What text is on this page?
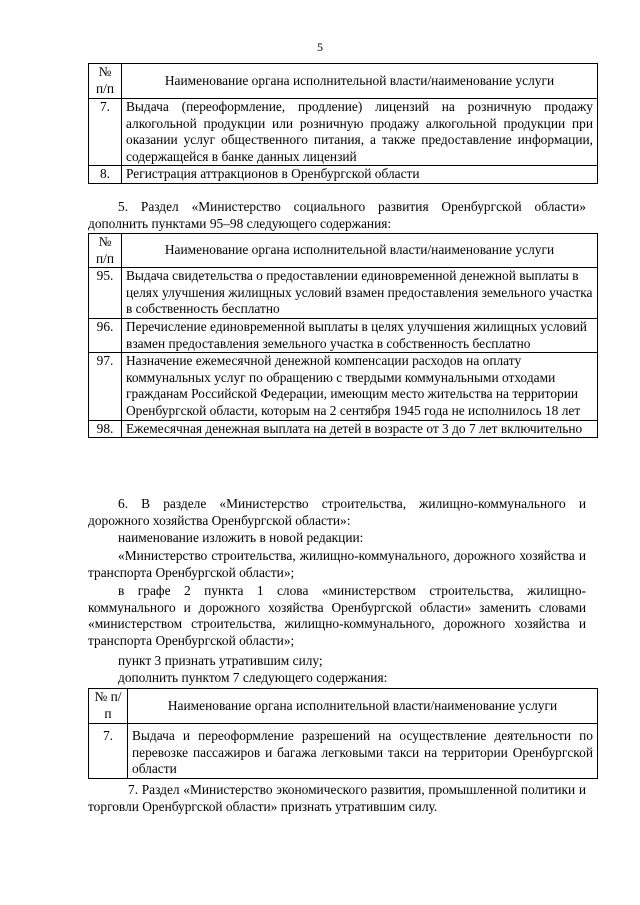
5
№ п/п	Наименование органа исполнительной власти/наименование услуги
7.	Выдача (переоформление, продление) лицензий на розничную продажу алкогольной продукции или розничную продажу алкогольной продукции при оказании услуг общественного питания, а также предоставление информации, содержащейся в банке данных лицензий
8.	Регистрация аттракционов в Оренбургской области

5. Раздел «Министерство социального развития Оренбургской области» дополнить пунктами 95–98 следующего содержания:

№ п/п	Наименование органа исполнительной власти/наименование услуги
95.	Выдача свидетельства о предоставлении единовременной денежной выплаты в целях улучшения жилищных условий взамен предоставления земельного участка в собственность бесплатно
96.	Перечисление единовременной выплаты в целях улучшения жилищных условий взамен предоставления земельного участка в собственность бесплатно
97.	Назначение ежемесячной денежной компенсации расходов на оплату коммунальных услуг по обращению с твердыми коммунальными отходами гражданам Российской Федерации, имеющим место жительства на территории Оренбургской области, которым на 2 сентября 1945 года не исполнилось 18 лет
98.	Ежемесячная денежная выплата на детей в возрасте от 3 до 7 лет включительно

6. В разделе «Министерство строительства, жилищно-коммунального и дорожного хозяйства Оренбургской области»:

наименование изложить в новой редакции:

«Министерство строительства, жилищно-коммунального, дорожного хозяйства и транспорта Оренбургской области»;

в графе 2 пункта 1 слова «министерством строительства, жилищно-коммунального и дорожного хозяйства Оренбургской области» заменить словами «министерством строительства, жилищно-коммунального, дорожного хозяйства и транспорта Оренбургской области»;

пункт 3 признать утратившим силу;

дополнить пунктом 7 следующего содержания:

№ п/п	Наименование органа исполнительной власти/наименование услуги
7.	Выдача и переоформление разрешений на осуществление деятельности по перевозке пассажиров и багажа легковыми такси на территории Оренбургской области

7. Раздел «Министерство экономического развития, промышленной политики и торговли Оренбургской области» признать утратившим силу.
